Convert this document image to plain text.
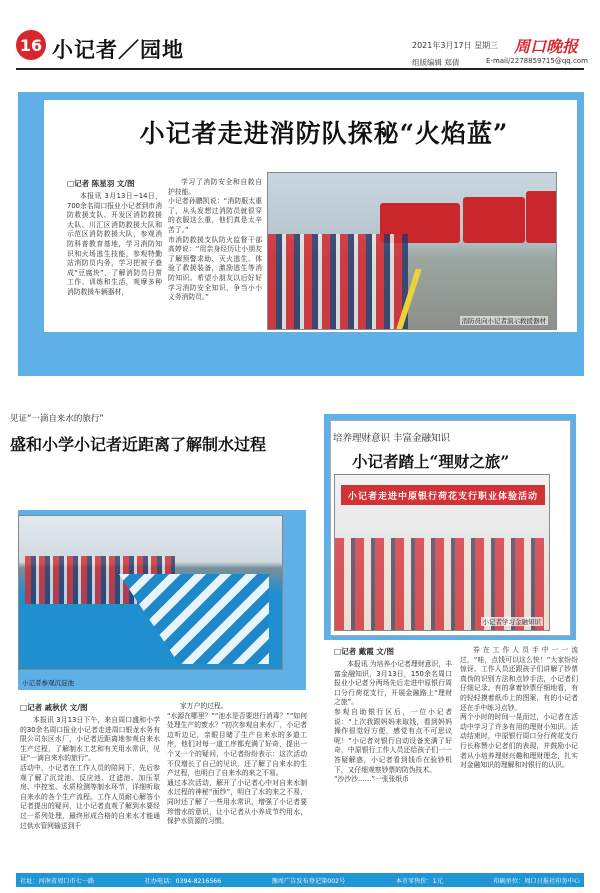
16 小记者／园地	2021年3月17日 星期三
组版编辑 郑倩	E-mail/2278859715@qq.com
周口晚报
小记者走进消防队探秘“火焰蓝”
□记者 陈星羽 文/图
本报讯 3月13日~14日，700余名周口报业小记者到市消防救援支队、开发区消防救援大队、川汇区消防救援大队和示范区消防救援大队，参观消防科普教育基地，学习消防知识和火场逃生技能，参观特勤站消防员内务，学习把被子叠成“豆腐块”，了解消防员日常工作、训练和生活，观摩多种消防救援车辆器材，
学习了消防安全和自救自护技能。
小记者孙鹏凯说：“消防服太重了，从头发想过消防员就很穿的衣服这么重，他们真是太辛苦了。”
市消防救援支队防火监督干部高婷说：“用亲身经历让小朋友了解预警求助、灭火逃生、体验了救援装备，激励逃生等消防知识。希望小朋友以后好好学习消防安全知识，争当小小义务消防员。”
消防员向小记者演示救援器材
见证“一滴自来水的旅行”
盛和小学小记者近距离了解制水过程
小记者参观沉淀池
□记者 戚秋伏 文/图
本报讯 3月13日下午，来自周口盛和小学的30余名周口报业小记者走进周口银龙水务有限公司东区水厂，小记者近距离地参观自来水生产过程，了解制水工艺和有关用水常识，见证“一滴自来水的旅行”。
活动中，小记者在工作人员的陪同下，先后参观了解了沉淀池、反应池、过滤池、加压泵房、中控室、水质检测等制水环节，详细听取自来水的各个生产流程。工作人员耐心解答小记者提出的疑问，让小记者直观了解到水要经过一系列处理，最终形成合格的自来水才能通过供水管网输送到千
家万户的过程。
“水源在哪里？”“池水是否要进行消毒？”“如何处理生产的废水？”初次参观自来水厂，小记者边听边记，亲眼目睹了生产自来水的多道工序，他们对每一道工序都充满了好奇，提出一个又一个的疑问，小记者纷纷表示：这次活动不仅增长了自己的见识，还了解了自来水的生产过程，也明白了自来水的来之不易。
通过本次活动，解开了小记者心中对自来水制水过程的神秘“面纱”，明白了水的来之不易，同时还了解了一些用水常识，增强了小记者要珍惜水的意识，让小记者从小养成节约用水，保护水资源的习惯。
培养理财意识 丰富金融知识
小记者踏上“理财之旅”
小记者走进中原银行荷花支行职业体验活动
小记者学习金融知识
□记者 戴霞 文/图
本报讯 为培养小记者理财意识，丰富金融知识，3月13日，150余名周口报业小记者分两场先后走进中原银行周口分行荷花支行，开展金融路上“理财之旅”。
参观自助银行区后，一位小记者说：“上次我跟妈妈来取钱，看到妈妈操作很觉好方便，感觉有点不可思议呢！”小记者对银行自动设备充满了好奇，中原银行工作人员还给孩子们一一答疑解惑，小记者看到钱币在验钞机下，又仔细观察钞票的防伪技术。
“沙沙沙……”一张张纸币
券在工作人员手中一一流过，“哇，点钱可以这么快！”大家纷纷惊讶。工作人员还跟孩子们讲解了钞票真伪的识别方法和点钞手法，小记者们仔细记录。有的拿着钞票仔细地看，有的轻轻摸着纸币上的图案，有的小记者还在手中练习点钞。
两个小时的时间一晃而过，小记者在活动中学习了许多有用的理财小知识。活动结束时，中原银行周口分行荷花支行行长称赞小记者们的表现，并鼓励小记者从小培养理财兴趣和理财理念，扎实对金融知识的理解和对银行的认识。
社址：河南省周口市七一路	社办电话：0394-8216566	豫周广告发布登记第002号	本市零售价：1元	印刷单位：周口日报社印务中心
